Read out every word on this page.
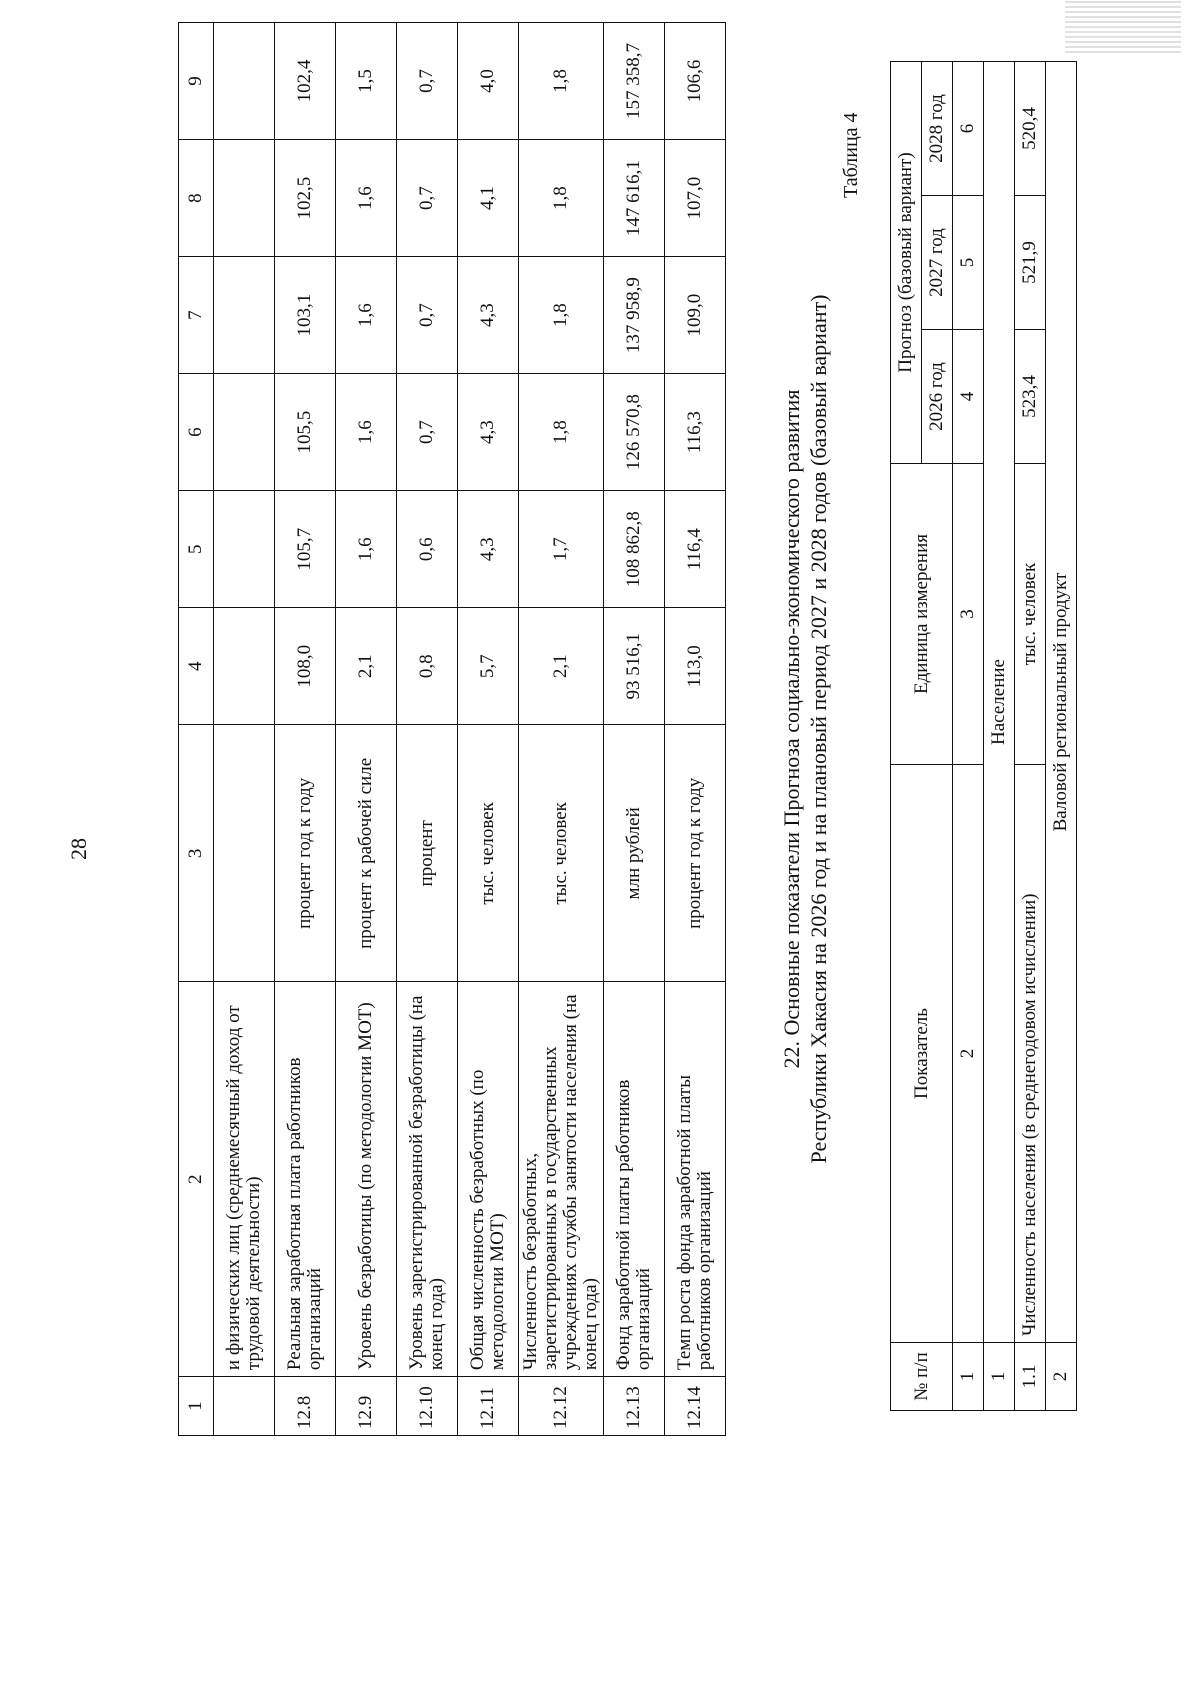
28
1	2	3	4	5	6	7	8	9
	и физических лиц (среднемесячный доход от трудовой деятельности)							
12.8	Реальная заработная плата работников организаций	процент год к году	108,0	105,7	105,5	103,1	102,5	102,4
12.9	Уровень безработицы (по методологии МОТ)	процент к рабочей силе	2,1	1,6	1,6	1,6	1,6	1,5
12.10	Уровень зарегистрированной безработицы (на конец года)	процент	0,8	0,6	0,7	0,7	0,7	0,7
12.11	Общая численность безработных (по методологии МОТ)	тыс. человек	5,7	4,3	4,3	4,3	4,1	4,0
12.12	Численность безработных, зарегистрированных в государственных учреждениях службы занятости населения (на конец года)	тыс. человек	2,1	1,7	1,8	1,8	1,8	1,8
12.13	Фонд заработной платы работников организаций	млн рублей	93 516,1	108 862,8	126 570,8	137 958,9	147 616,1	157 358,7
12.14	Темп роста фонда заработной платы работников организаций	процент год к году	113,0	116,4	116,3	109,0	107,0	106,6
22. Основные показатели Прогноза социально-экономического развития Республики Хакасия на 2026 год и на плановый период 2027 и 2028 годов (базовый вариант)
Таблица 4
№ п/п	Показатель	Единица измерения	Прогноз (базовый вариант)		
			2026 год	2027 год	2028 год
1	2	3	4	5	6
1	Население				
1.1	Численность населения (в среднегодовом исчислении)	тыс. человек	523,4	521,9	520,4
2	Валовой региональный продукт				
